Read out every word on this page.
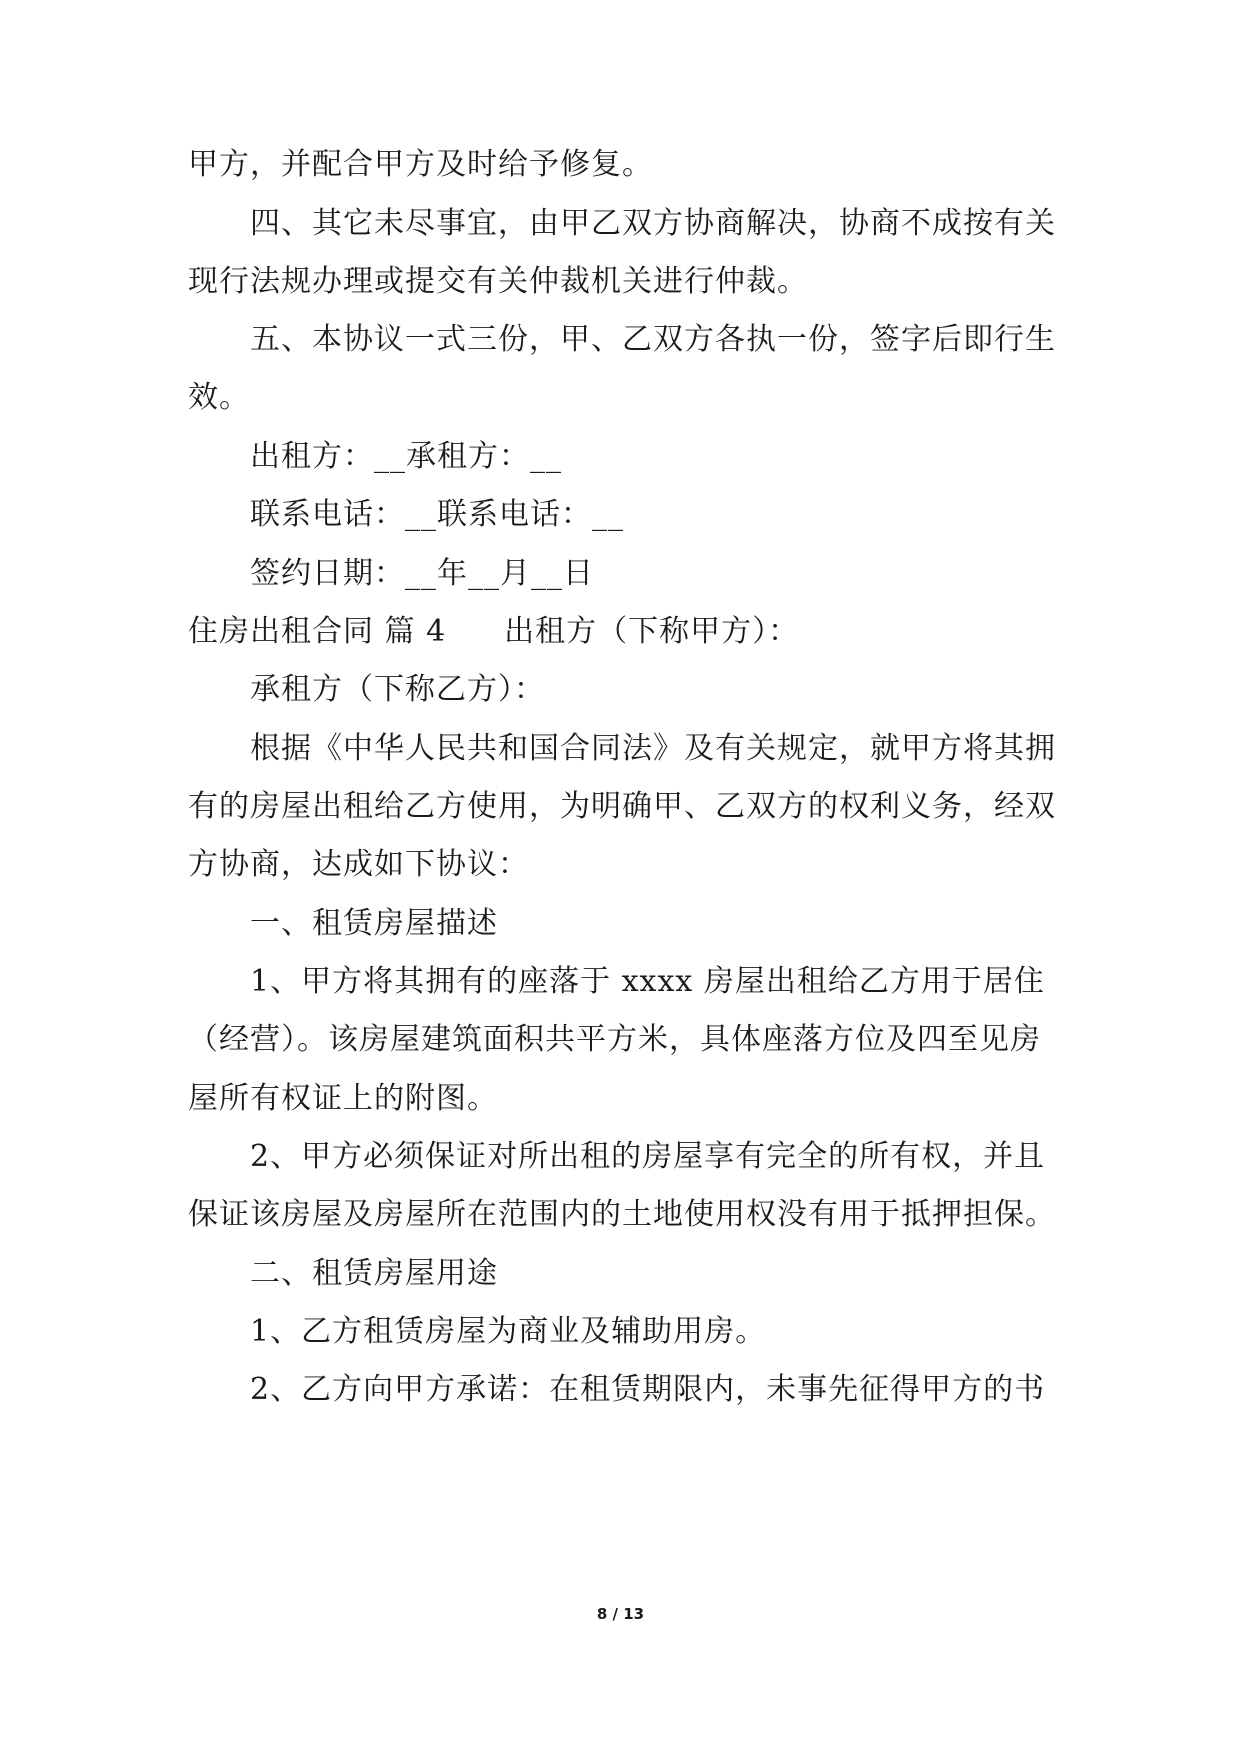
甲方，并配合甲方及时给予修复。
四、其它未尽事宜，由甲乙双方协商解决，协商不成按有关
现行法规办理或提交有关仲裁机关进行仲裁。
五、本协议一式三份，甲、乙双方各执一份，签字后即行生
效。
出租方：__承租方：__
联系电话：__联系电话：__
签约日期：__年__月__日
住房出租合同 篇 4 出租方（下称甲方）：
承租方（下称乙方）：
根据《中华人民共和国合同法》及有关规定，就甲方将其拥
有的房屋出租给乙方使用，为明确甲、乙双方的权利义务，经双
方协商，达成如下协议：
一、租赁房屋描述
1、甲方将其拥有的座落于 xxxx 房屋出租给乙方用于居住
（经营）。该房屋建筑面积共平方米，具体座落方位及四至见房
屋所有权证上的附图。
2、甲方必须保证对所出租的房屋享有完全的所有权，并且
保证该房屋及房屋所在范围内的土地使用权没有用于抵押担保。
二、租赁房屋用途
1、乙方租赁房屋为商业及辅助用房。
2、乙方向甲方承诺：在租赁期限内，未事先征得甲方的书
8 / 13
